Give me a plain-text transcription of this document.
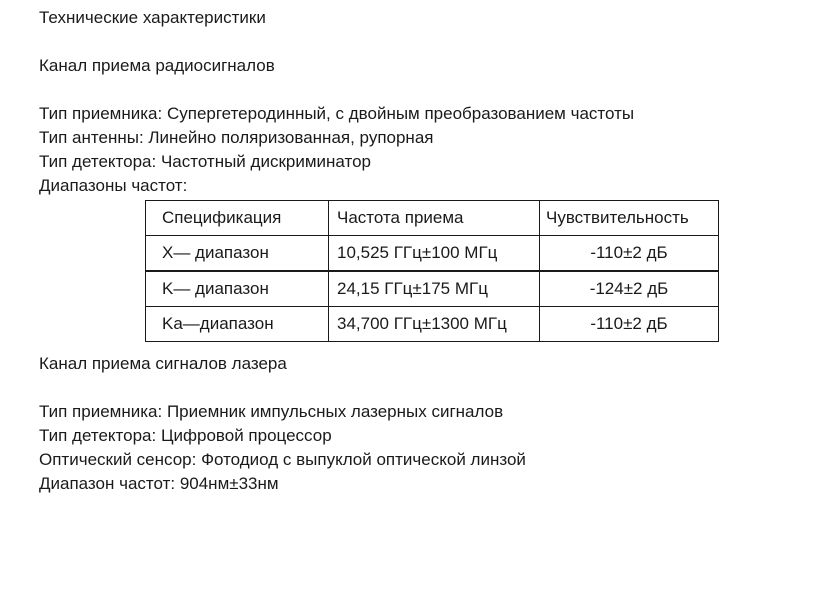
Технические характеристики
Канал приема радиосигналов
Тип приемника: Супергетеродинный, с двойным преобразованием частоты
Тип антенны: Линейно поляризованная, рупорная
Тип детектора: Частотный дискриминатор
Диапазоны частот:
Спецификация	Частота приема	Чувствительность
X— диапазон	10,525 ГГц±100 МГц	-110±2 дБ
K— диапазон	24,15 ГГц±175 МГц	-124±2 дБ
Ka—диапазон	34,700 ГГц±1300 МГц	-110±2 дБ
Канал приема сигналов лазера
Тип приемника: Приемник импульсных лазерных сигналов
Тип детектора: Цифровой процессор
Оптический сенсор: Фотодиод с выпуклой оптической линзой
Диапазон частот: 904нм±33нм
